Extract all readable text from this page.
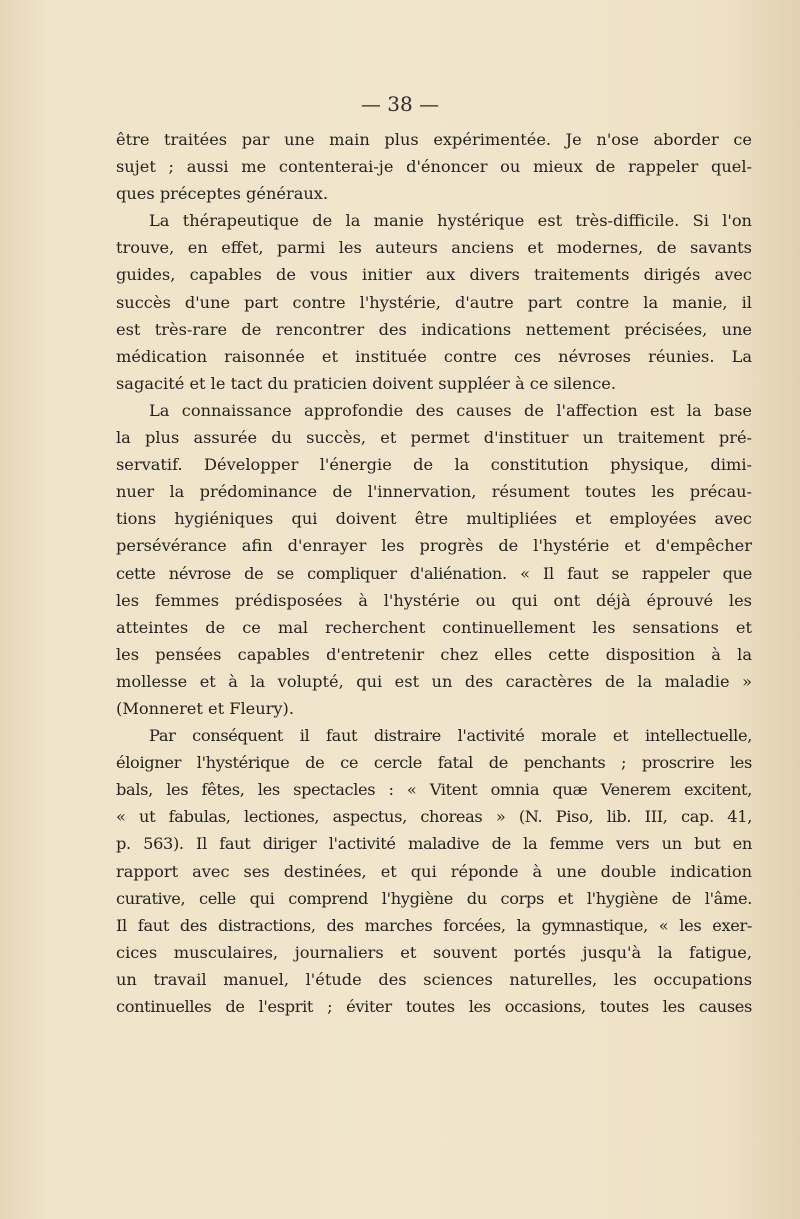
— 38 —
être traitées par une main plus expérimentée. Je n'ose aborder ce
sujet ; aussi me contenterai-je d'énoncer ou mieux de rappeler quel-
ques préceptes généraux.
La thérapeutique de la manie hystérique est très-difficile. Si l'on
trouve, en effet, parmi les auteurs anciens et modernes, de savants
guides, capables de vous initier aux divers traitements dirigés avec
succès d'une part contre l'hystérie, d'autre part contre la manie, il
est très-rare de rencontrer des indications nettement précisées, une
médication raisonnée et instituée contre ces névroses réunies. La
sagacité et le tact du praticien doivent suppléer à ce silence.
La connaissance approfondie des causes de l'affection est la base
la plus assurée du succès, et permet d'instituer un traitement pré-
servatif. Développer l'énergie de la constitution physique, dimi-
nuer la prédominance de l'innervation, résument toutes les précau-
tions hygiéniques qui doivent être multipliées et employées avec
persévérance afin d'enrayer les progrès de l'hystérie et d'empêcher
cette névrose de se compliquer d'aliénation. « Il faut se rappeler que
les femmes prédisposées à l'hystérie ou qui ont déjà éprouvé les
atteintes de ce mal recherchent continuellement les sensations et
les pensées capables d'entretenir chez elles cette disposition à la
mollesse et à la volupté, qui est un des caractères de la maladie »
(Monneret et Fleury).
Par conséquent il faut distraire l'activité morale et intellectuelle,
éloigner l'hystérique de ce cercle fatal de penchants ; proscrire les
bals, les fêtes, les spectacles : « Vitent omnia quæ Venerem excitent,
« ut fabulas, lectiones, aspectus, choreas » (N. Piso, lib. III, cap. 41,
p. 563). Il faut diriger l'activité maladive de la femme vers un but en
rapport avec ses destinées, et qui réponde à une double indication
curative, celle qui comprend l'hygiène du corps et l'hygiène de l'âme.
Il faut des distractions, des marches forcées, la gymnastique, « les exer-
cices musculaires, journaliers et souvent portés jusqu'à la fatigue,
un travail manuel, l'étude des sciences naturelles, les occupations
continuelles de l'esprit ; éviter toutes les occasions, toutes les causes
